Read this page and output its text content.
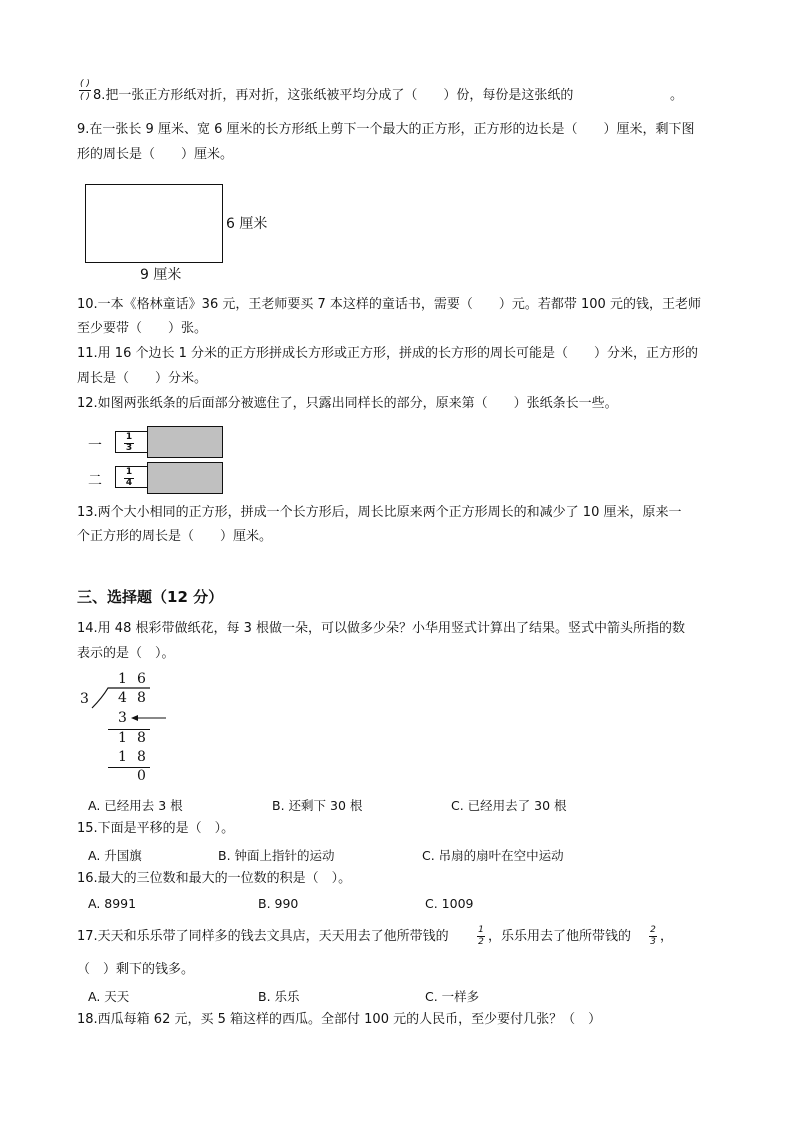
( )
( ) 8.把一张正方形纸对折，再对折，这张纸被平均分成了（　　）份，每份是这张纸的	。
9.在一张长 9 厘米、宽 6 厘米的长方形纸上剪下一个最大的正方形，正方形的边长是（　　）厘米，剩下图
形的周长是（　　）厘米。
6 厘米
9 厘米
10.一本《格林童话》36 元，王老师要买 7 本这样的童话书，需要（　　）元。若都带 100 元的钱，王老师
至少要带（　　）张。
11.用 16 个边长 1 分米的正方形拼成长方形或正方形，拼成的长方形的周长可能是（　　）分米，正方形的
周长是（　　）分米。
12.如图两张纸条的后面部分被遮住了，只露出同样长的部分，原来第（　　）张纸条长一些。
一
1
3
二
1
4
13.两个大小相同的正方形，拼成一个长方形后，周长比原来两个正方形周长的和减少了 10 厘米，原来一
个正方形的周长是（　　）厘米。
三、选择题（12 分）
14.用 48 根彩带做纸花，每 3 根做一朵，可以做多少朵？小华用竖式计算出了结果。竖式中箭头所指的数
表示的是（　）。
1 6
3 4 8
3
1 8
1 8
0
A. 已经用去 3 根	B. 还剩下 30 根	C. 已经用去了 30 根
15.下面是平移的是（　）。
A. 升国旗	B. 钟面上指针的运动	C. 吊扇的扇叶在空中运动
16.最大的三位数和最大的一位数的积是（　）。
A. 8991	B. 990	C. 1009
17.天天和乐乐带了同样多的钱去文具店，天天用去了他所带钱的	1
2 ，乐乐用去了他所带钱的 2
3 ，
（　）剩下的钱多。
A. 天天	B. 乐乐	C. 一样多
18.西瓜每箱 62 元，买 5 箱这样的西瓜。全部付 100 元的人民币，至少要付几张？（　）
